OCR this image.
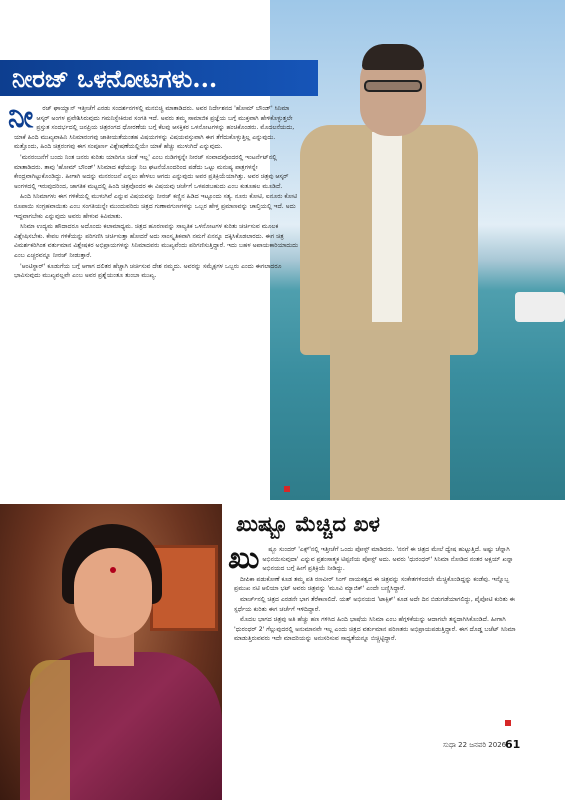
ನೀರಜ್ ಒಳನೋಟಗಳು...
ನೀ	ರಜ್ ಘಾಯ್ವಾನ್ ಇತ್ತೀಚೆಗೆ ಎರಡು ಸಂದರ್ಶನಗಳಲ್ಲಿ ಮನಬಿಚ್ಚಿ ಮಾತಾಡಿದರು. ಅವರ ನಿರ್ದೇಶನದ 'ಹೋಮ್ ಬೌಂಡ್' ಸಿನಿಮಾ ಆಸ್ಕರ್ ಅಂಗಳ ಪ್ರವೇಶಿಸಿರುವುದು ಗಮನಿಸ್ಬೇಕಿರುವ ಸಂಗತಿ ಇದೆ. ಅವರು ತಮ್ಮ ಸಾಮಾಜಿಕ ಪ್ರಜ್ಞೆಯ ಬಗ್ಗೆ ಮುಕ್ತವಾಗಿ ಹೇಳಿಕೊಳ್ಳುತ್ತಲೇ ಪ್ರಸ್ತುತ ಸಂದರ್ಭದಲ್ಲಿ ಜನಪ್ರಿಯ ಚಿತ್ರರಂಗದ ಧೋರಣೆಯ ಬಗ್ಗೆ ಕೆಲವು ಆಸಕ್ತಿಕರ ಒಳನೋಟಗಳನ್ನು ಹಂಚಿಕೊಂಡರು. ಮೊದಲನೆಯದು, ಯಾಕೆ ಹಿಂದಿ ಮುಖ್ಯವಾಹಿನಿ ಸಿನಿಮಾರಂಗವು ಜಾತೀಯತೆಯಂತಹ ವಿಷಯಗಳನ್ನು ವಿಷಯವಸ್ತುವಾಗಿ ಈಗ ತೆಗೆದುಕೊಳ್ಳುತ್ತಿಲ್ಲ ಎನ್ನುವುದು. ಮತ್ತೊಂದು, ಹಿಂದಿ ಚಿತ್ರರಂಗವು ಈಗ ಸಂಪೂರ್ಣ ವಿಶ್ಲೇಷಣೆಯಲ್ಲಿಯೇ ಯಾಕೆ ಹೆಚ್ಚು ಮುಳುಗಿದೆ ಎನ್ನುವುದು.

'ಮನರಂಜನೆಗೆ ಬಂದು ನಿಂತ ಜನರು ಕುರಿತು ಯಾರಿಗೂ ಚಿಂತೆ ಇಲ್ಲ' ಎಂಬ ನುಡಿಗಳ್ಳನ್ನೇ ನೀರಜ್ ಸಂವಾದವೊಂದರಲ್ಲಿ ಇಂಟರ್ನೆಟ್‌ನಲ್ಲಿ ಮಾತಾಡಿದರು. ತಾವು 'ಹೋಮ್ ಬೌಂಡ್' ಸಿನಿಮಾದ ಕಥೆಯನ್ನು ನಿಜ ಘಟನೆಯೊಂದರಿಂದ ಪಡೆದು ಒಟ್ಟು ಮನುಷ್ಯ ಪಾತ್ರಗಳನ್ನೇ ಕೇಂದ್ರವಾಗಿಟ್ಟುಕೊಂಡಿದ್ದು. ಹೀಗಾಗಿ ಅದನ್ನು ಮನರಂಜನೆ ಎನ್ನಲು ಹೇಳಲು ಆಗದು ಎನ್ನುವುದು ಅವರ ಪ್ರತಿಕ್ರಿಯೆಯಾಗಿತ್ತು. ಅವರ ಚಿತ್ರವು ಆಸ್ಕರ್ ಅಂಗಳದಲ್ಲಿ ಇರುವುದರಿಂದ, ಜಾಗತಿಕ ಮಟ್ಟದಲ್ಲಿ ಹಿಂದಿ ಚಿತ್ರವೊಂದರ ಈ ವಿಷಯವು ಚರ್ಚೆಗೆ ಒಳಪಡಬಹುದು ಎಂಬ ಕುತೂಹಲ ಮೂಡಿದೆ.

ಹಿಂದಿ ಸಿನಿಮಾಗಳು ಈಗ ಗಳಿಕೆಯಲ್ಲಿ ಮುಳುಗಿವೆ ಎನ್ನುವ ವಿಷಯವನ್ನು ನೀರಜ್ ಕಣ್ಣಿನ ಹಿಡಿದ ಇಟ್ಟೂಂದು ಸತ್ಯ. ನೂರು ಕೋಟಿ, ಐನೂರು ಕೋಟಿ ರೂಪಾಯಿ ಸಂಗ್ರಹವಾಯಿತು ಎಂಬ ಸಂಗತಿಯನ್ನೇ ಮುಂದುವರಿದು ಚಿತ್ರದ ಗುಣಾವಗುಣಗಳನ್ನು ಒಬ್ಬರ ಹೇಳ್ತ ಪ್ರಮಾಣವನ್ನು ಚಾಲ್ತಿಯಲ್ಲಿ ಇದೆ. ಅದು ಇದ್ದವಾಗಬೇಕು ಎನ್ನುವುದು ಅವರು ಹೇಳುವ ಕಿವಿಮಾತು.

ಸಿನಿಮಾ ಉದ್ಯಮ ಹೌದಾದರೂ ಅದೊಂದು ಕಲಾಮಾಧ್ಯಮ. ಚಿತ್ರದ ಹೂರಣವನ್ನು ಸಾಲ್ಯತಿಕ ಒಳನೋಟಗಳ ಕುರಿತು ಚರ್ಚಿಸುವ ಮೂಲಕ ವಿಶ್ಲೇಷಿಸಬೇಕು. ಕೇವಲ ಗಳಿಕೆಯನ್ನು ಪರಿಗಣಿಸಿ ಚರ್ಚಿಸುತ್ತಾ ಹೋದರೆ ಅದು ಸಾಂಸ್ಕೃತಿಕವಾಗಿ ನಮಗೆ ಏನನ್ನೂ ದಕ್ಕಿಸಿಕೊಡಲಾರದು. ಈಗ ಚಿತ್ರ ವಿಮರ್ಶಕರಿಗಿಂತ ವರ್ತುಮಾನ ವಿಶ್ಲೇಷಕರ ಅಭಿಪ್ರಾಯಗಳನ್ನು ಸಿನಿಮಾದವರು ಮುಖ್ಯವೆಂದು ಪರಿಗಣಿಸುತ್ತಿದ್ದಾರೆ. ಇದು ಬಹಳ ಅಪಾಯಕಾರಿಯಾದುದು ಎಂಬ ಎಚ್ಚರವನ್ನೂ ನೀರಜ್ ನೀಡುತ್ತಾರೆ.

'ಆಂಟಿಸ್ಥಾರ್' ಕೂಡುಗೆಯ ಬಗ್ಗೆ ಆಗಾಗ ದಲಿತರ ಹೆಚ್ಚಾಗಿ ಚರ್ಚಿಸುವ ದೇಶ ನಮ್ಮದು. ಅವರನ್ನು ಸಮೈಕ್ಸಗಳ ಒಬ್ಬರು ಎಂದು ಈಗಲಾದರೂ ಭಾವಿಸುವುದು ಮುಖ್ಯವಲ್ಲವೇ ಎಂಬ ಅವರ ಪ್ರಶ್ನೆಯಂತೂ ತುಂಬಾ ಮುಖ್ಯ.

ಖುಷ್ಬೂ ಮೆಚ್ಚಿದ ಖಳ
ಖು	ಷ್ಬೂ ಸುಂದರ್ 'ಎಕ್ಸ್'ನಲ್ಲಿ ಇತ್ತೀಚೆಗೆ ಒಂದು ಪೋಸ್ಟ್ ಮಾಡಿದರು. 'ನನಗೆ ಈ ಚಿತ್ರದ ಮೇಲೆ ದ್ವೇಷ ಹುಟ್ಟುತ್ತಿದೆ. ಅಷ್ಟು ಚೆನ್ನಾಗಿ ಅಭಿನಯಿಸುವುದಾ' ಎನ್ನುವ ಪ್ರಶಂಸಾತ್ಮಕ ಟಿಪ್ಪಣಿಯ ಪೋಸ್ಟ್ ಅದು. ಅವರು 'ಧುರಂಧರ್' ಸಿನಿಮಾ ನೋಡಿದ ನಂತರ ಅಕ್ಷಯ್ ಖನ್ನಾ ಅಭಿನಯದ ಬಗ್ಗೆ ಹೀಗೆ ಪ್ರತಿಕ್ರಿಯೆ ನೀಡಿದ್ದು.

ದೀಪಿಕಾ ಪಡುಕೋಣೆ ಕೂಡ ತಮ್ಮ ಪತಿ ರಣವೀರ್ ಸಿಂಗ್ ನಾಯಕತ್ವದ ಈ ಚಿತ್ರವನ್ನು ಸಂಕೇತಗಳಿಂದಲೇ ಮೆಚ್ಚಿಕೊಂಡಿದ್ದನ್ನು ಕಂಡೆವು. ಇನ್ನೊಬ್ಬ ಪ್ರಮುಖ ನಟಿ ಆಲಿಯಾ ಭಟ್ ಅವರು ಚಿತ್ರವನ್ನು 'ಮೂವಿ ಮ್ಯಾಜಿಕ್' ಎಂದೇ ಬಣ್ಣಿಸಿದ್ದಾರೆ.

ಮಾರ್ಚ್‌ನಲ್ಲಿ ಚಿತ್ರದ ಎರಡನೇ ಭಾಗ ತೆರೆಕಾಣಲಿದೆ. ಯಶ್ ಅಭಿನಯದ 'ಟಾಕ್ಸಿಕ್' ಕೂಡ ಅದೇ ದಿನ ಬಿಡುಗಡೆಯಾಗಲಿದ್ದು, ಪೈಪೋಟಿ ಕುರಿತು ಈ ಸ್ಪರ್ಧೆಯ ಕುರಿತು ಈಗ ಚರ್ಚೆಗೆ ಇಳಿದಿದ್ದಾರೆ.

ಮೊದಲ ಭಾಗದ ಚಿತ್ರವು ಅತಿ ಹೆಚ್ಚು ಹಣ ಗಳಿಸಿದ ಹಿಂದಿ ಭಾಷೆಯ ಸಿನಿಮಾ ಎಂಬ ಹೆಗ್ಗಳಿಕೆಯನ್ನು ಆದಾಗಲೇ ತನ್ನದಾಗಿಸಿಕೊಂಡಿದೆ. ಹೀಗಾಗಿ 'ಧುರಂಧರ್ 2' ಗೆಲ್ಲುವುದರಲ್ಲಿ ಅನುಮಾನವೇ ಇಲ್ಲ ಎಂದು ಚಿತ್ರದ ವರ್ತುಮಾನ ಪರಿಣತರು ಅಭಿಪ್ರಾಯಪಡುತ್ತಿದ್ದಾರೆ. ಈಗ ದೊಡ್ಡ ಬಜೆಟ್ ಸಿನಿಮಾ ಮಾಡುತ್ತಿರುವವರು ಇದೇ ಮಾದರಿಯನ್ನು ಅನುಸರಿಸುವ ಸಾಧ್ಯತೆಯನ್ನೂ ಬಿಚ್ಚಿಟ್ಟಿದ್ದಾರೆ.

ಸುಧಾ 22 ಜನವರಿ 2026
61
